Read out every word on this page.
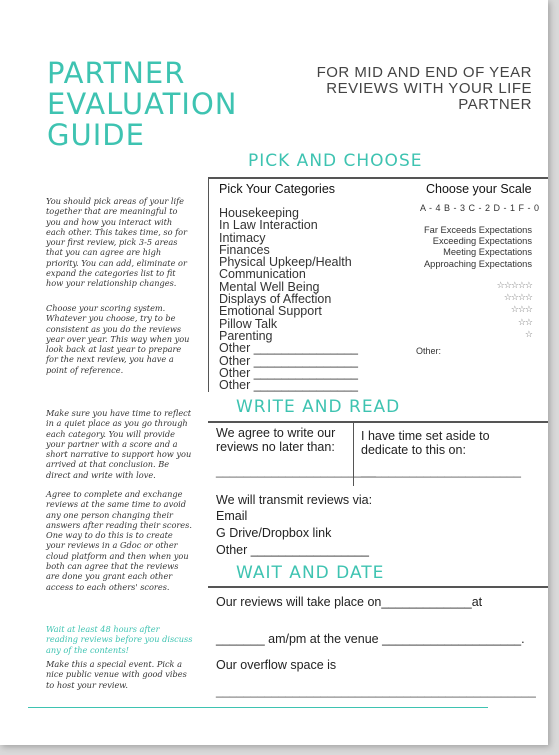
PARTNER
EVALUATION
GUIDE
FOR MID AND END OF YEAR
REVIEWS WITH YOUR LIFE
PARTNER
PICK AND CHOOSE
Pick Your Categories	Choose your Scale
Housekeeping
In Law Interaction
Intimacy
Finances
Physical Upkeep/Health
Communication
Mental Well Being
Displays of Affection
Emotional Support
Pillow Talk
Parenting
Other _______________
Other _______________
Other _______________
Other _______________
A - 4 B - 3 C - 2 D - 1 F - 0
Far Exceeds Expectations
Exceeding Expectations
Meeting Expectations
Approaching Expectations
☆☆☆☆☆
☆☆☆☆
☆☆☆
☆☆
☆
Other:
WRITE AND READ
We agree to write our
reviews no later than:
_______________________
I have time set aside to
dedicate to this on:
_______________________
We will transmit reviews via:
Email
G Drive/Dropbox link
Other _________________
WAIT AND DATE
Our reviews will take place on_____________at
_______ am/pm at the venue ____________________.
Our overflow space is
______________________________________________

You should pick areas of your life together that are meaningful to you and how you interact with each other. This takes time, so for your first review, pick 3-5 areas that you can agree are high priority. You can add, eliminate or expand the categories list to fit how your relationship changes.

Choose your scoring system. Whatever you choose, try to be consistent as you do the reviews year over year. This way when you look back at last year to prepare for the next review, you have a point of reference.

Make sure you have time to reflect in a quiet place as you go through each category. You will provide your partner with a score and a short narrative to support how you arrived at that conclusion. Be direct and write with love.

Agree to complete and exchange reviews at the same time to avoid any one person changing their answers after reading their scores. One way to do this is to create your reviews in a Gdoc or other cloud platform and then when you both can agree that the reviews are done you grant each other access to each others' scores.

Wait at least 48 hours after reading reviews before you discuss any of the contents!

Make this a special event. Pick a nice public venue with good vibes to host your review.
